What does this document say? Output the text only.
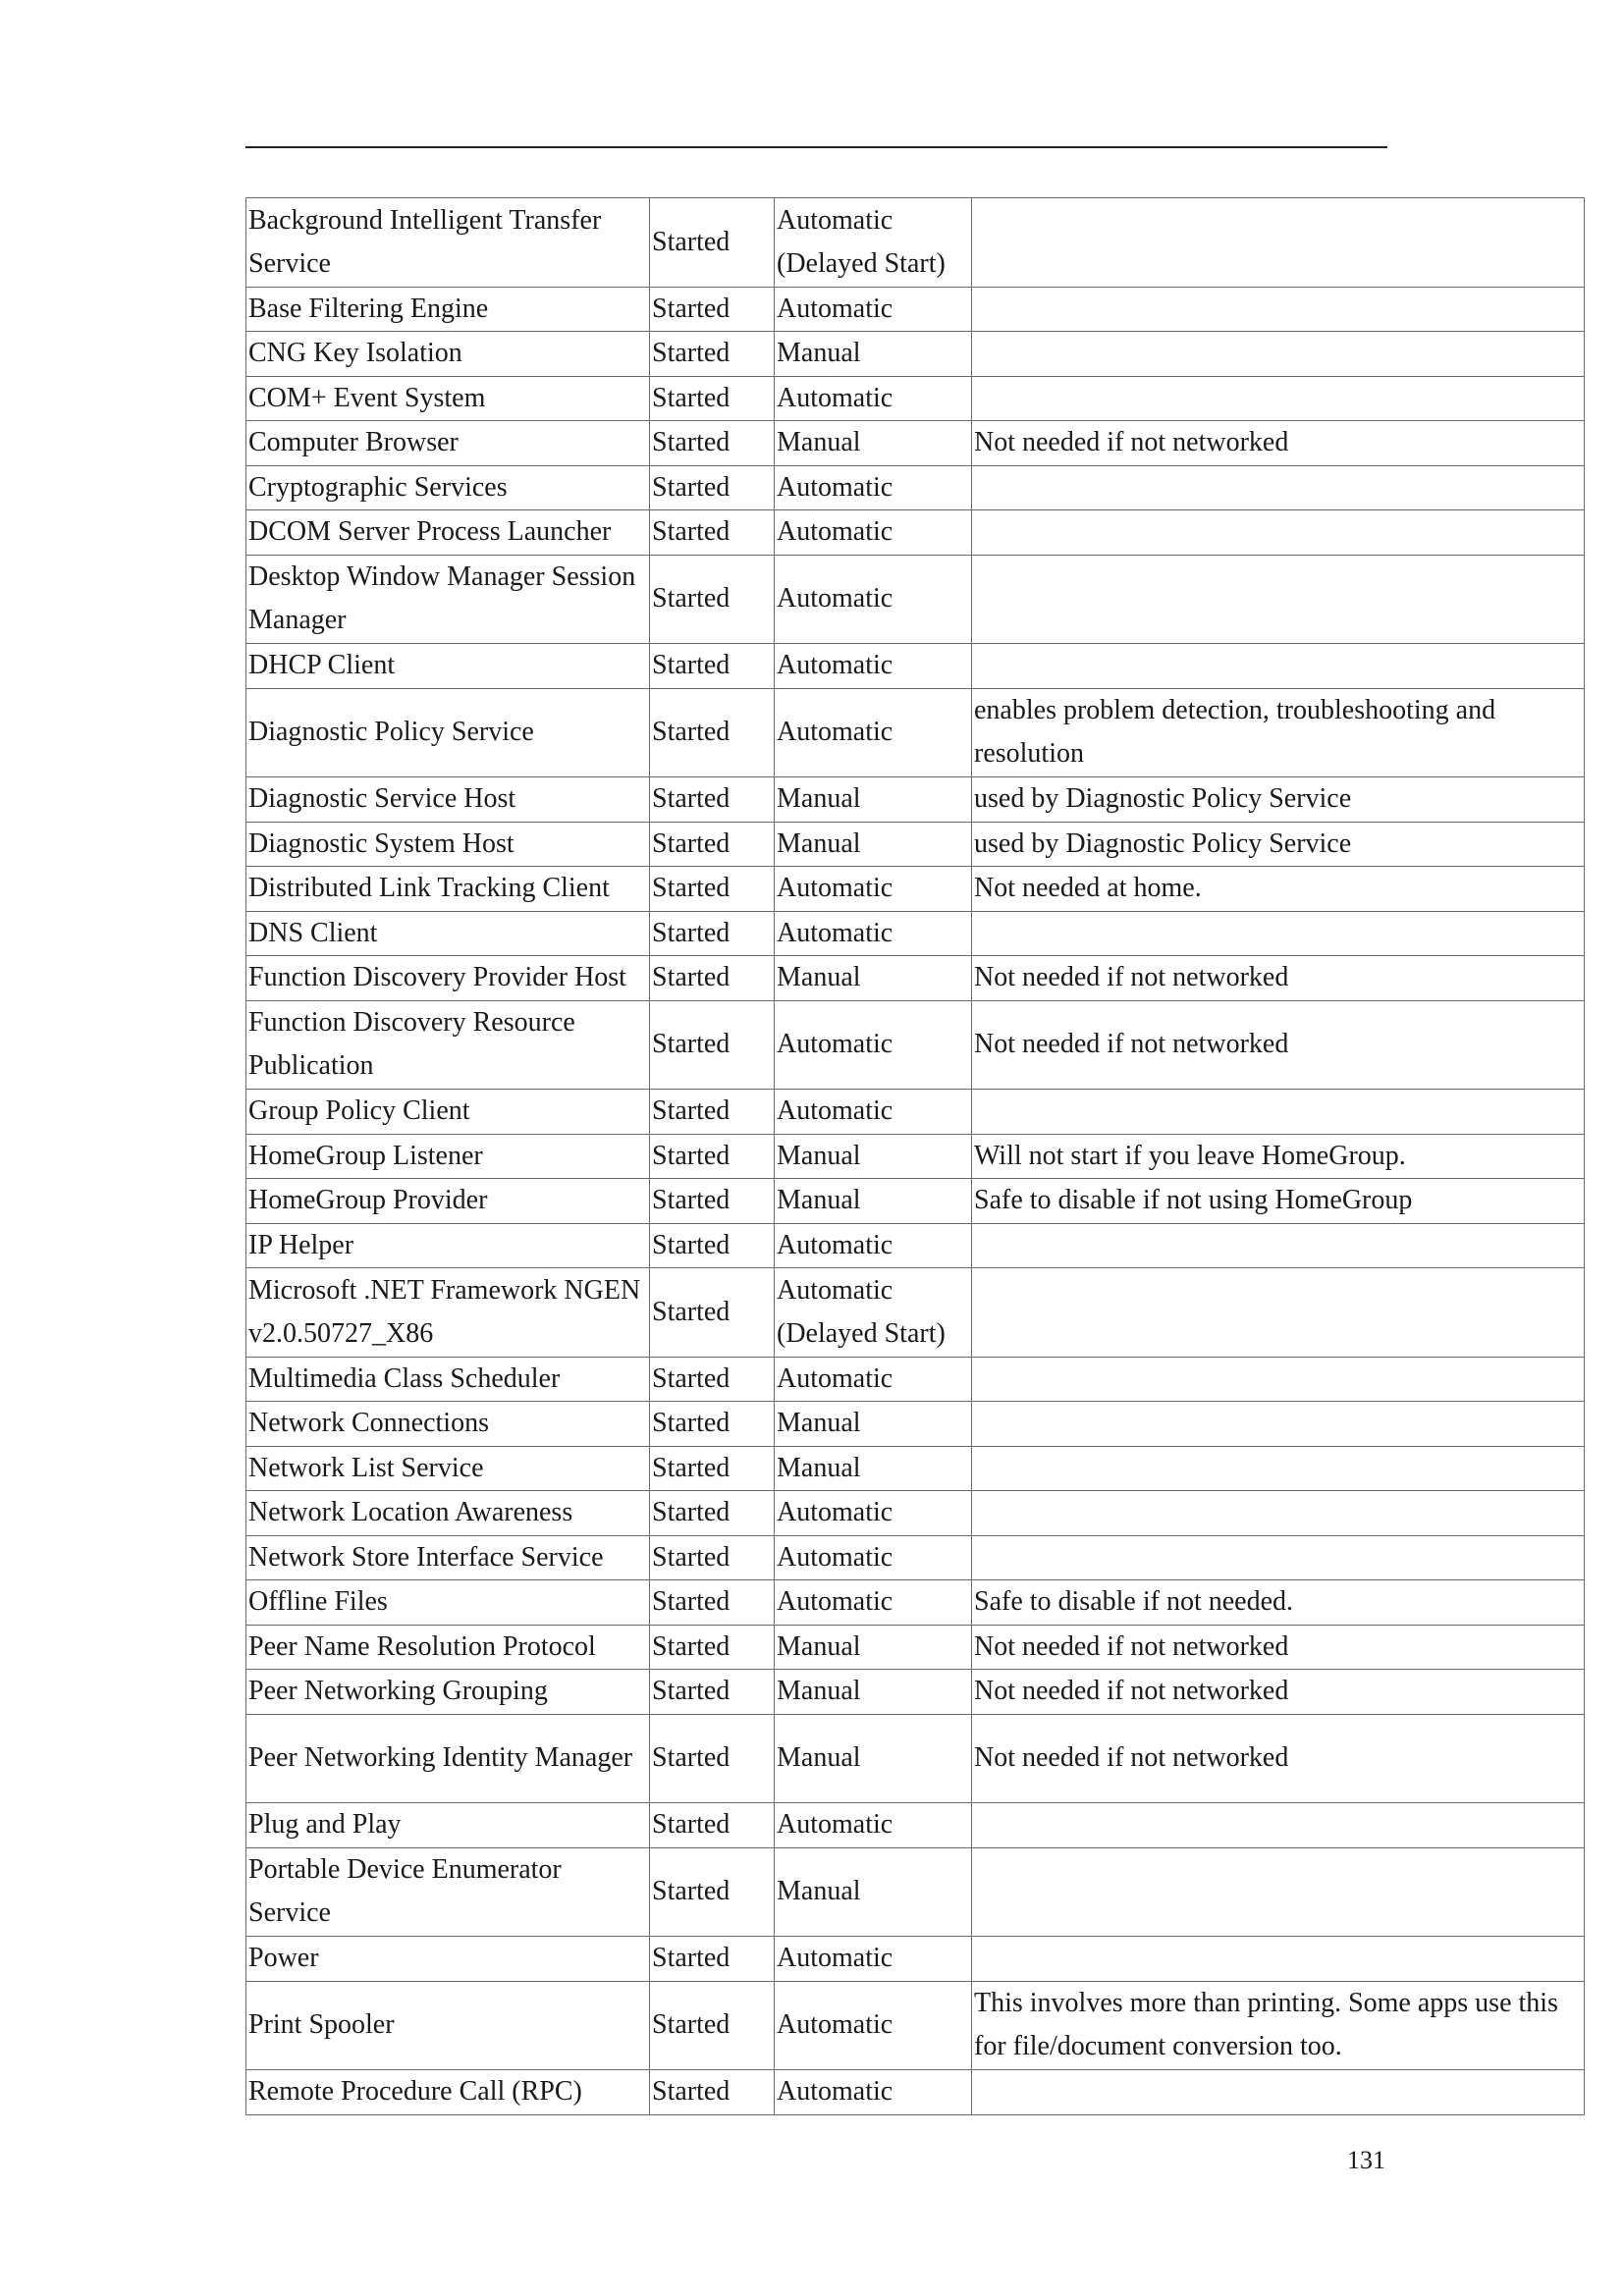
Background Intelligent Transfer Service	Started	Automatic (Delayed Start)	
Base Filtering Engine	Started	Automatic	
CNG Key Isolation	Started	Manual	
COM+ Event System	Started	Automatic	
Computer Browser	Started	Manual	Not needed if not networked
Cryptographic Services	Started	Automatic	
DCOM Server Process Launcher	Started	Automatic	
Desktop Window Manager Session Manager	Started	Automatic	
DHCP Client	Started	Automatic	
Diagnostic Policy Service	Started	Automatic	enables problem detection, troubleshooting and resolution
Diagnostic Service Host	Started	Manual	used by Diagnostic Policy Service
Diagnostic System Host	Started	Manual	used by Diagnostic Policy Service
Distributed Link Tracking Client	Started	Automatic	Not needed at home.
DNS Client	Started	Automatic	
Function Discovery Provider Host	Started	Manual	Not needed if not networked
Function Discovery Resource Publication	Started	Automatic	Not needed if not networked
Group Policy Client	Started	Automatic	
HomeGroup Listener	Started	Manual	Will not start if you leave HomeGroup.
HomeGroup Provider	Started	Manual	Safe to disable if not using HomeGroup
IP Helper	Started	Automatic	
Microsoft .NET Framework NGEN v2.0.50727_X86	Started	Automatic (Delayed Start)	
Multimedia Class Scheduler	Started	Automatic	
Network Connections	Started	Manual	
Network List Service	Started	Manual	
Network Location Awareness	Started	Automatic	
Network Store Interface Service	Started	Automatic	
Offline Files	Started	Automatic	Safe to disable if not needed.
Peer Name Resolution Protocol	Started	Manual	Not needed if not networked
Peer Networking Grouping	Started	Manual	Not needed if not networked
Peer Networking Identity Manager	Started	Manual	Not needed if not networked
Plug and Play	Started	Automatic	
Portable Device Enumerator Service	Started	Manual	
Power	Started	Automatic	
Print Spooler	Started	Automatic	This involves more than printing. Some apps use this for file/document conversion too.
Remote Procedure Call (RPC)	Started	Automatic	
131
